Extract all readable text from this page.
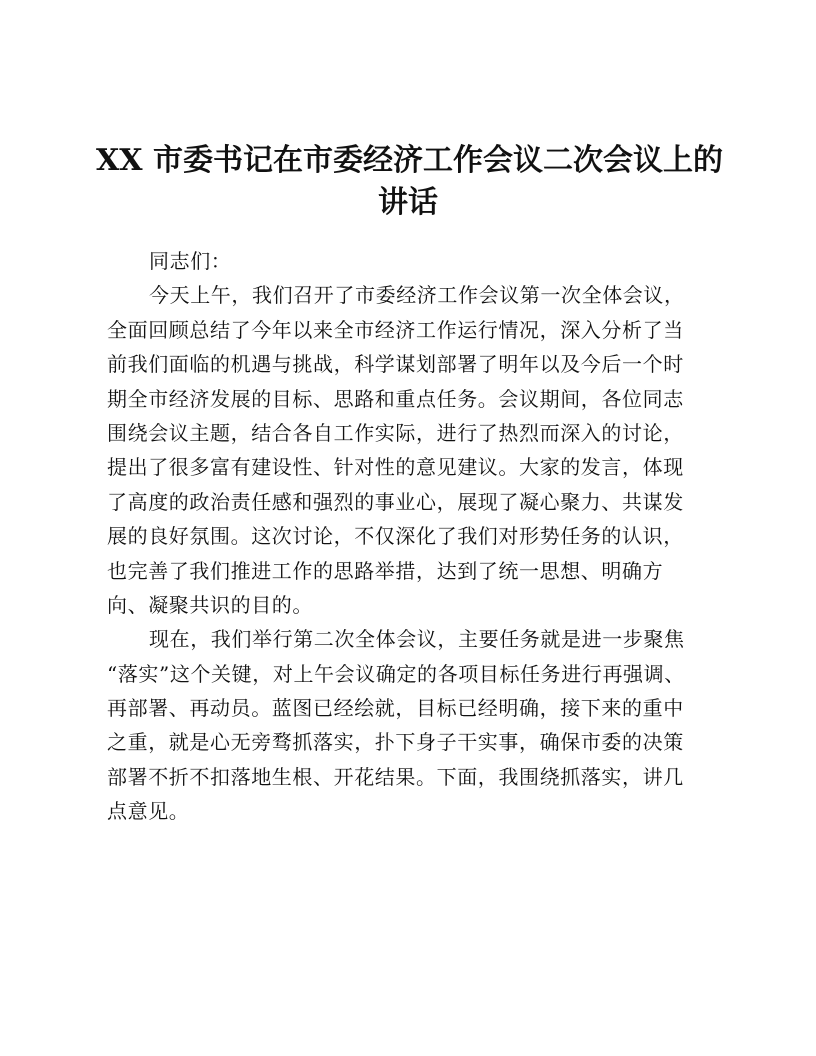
XX 市委书记在市委经济工作会议二次会议上的
讲话
同志们：
今天上午，我们召开了市委经济工作会议第一次全体会议，
全面回顾总结了今年以来全市经济工作运行情况，深入分析了当
前我们面临的机遇与挑战，科学谋划部署了明年以及今后一个时
期全市经济发展的目标、思路和重点任务。会议期间，各位同志
围绕会议主题，结合各自工作实际，进行了热烈而深入的讨论，
提出了很多富有建设性、针对性的意见建议。大家的发言，体现
了高度的政治责任感和强烈的事业心，展现了凝心聚力、共谋发
展的良好氛围。这次讨论，不仅深化了我们对形势任务的认识，
也完善了我们推进工作的思路举措，达到了统一思想、明确方
向、凝聚共识的目的。
现在，我们举行第二次全体会议，主要任务就是进一步聚焦
“落实”这个关键，对上午会议确定的各项目标任务进行再强调、
再部署、再动员。蓝图已经绘就，目标已经明确，接下来的重中
之重，就是心无旁骛抓落实，扑下身子干实事，确保市委的决策
部署不折不扣落地生根、开花结果。下面，我围绕抓落实，讲几
点意见。
